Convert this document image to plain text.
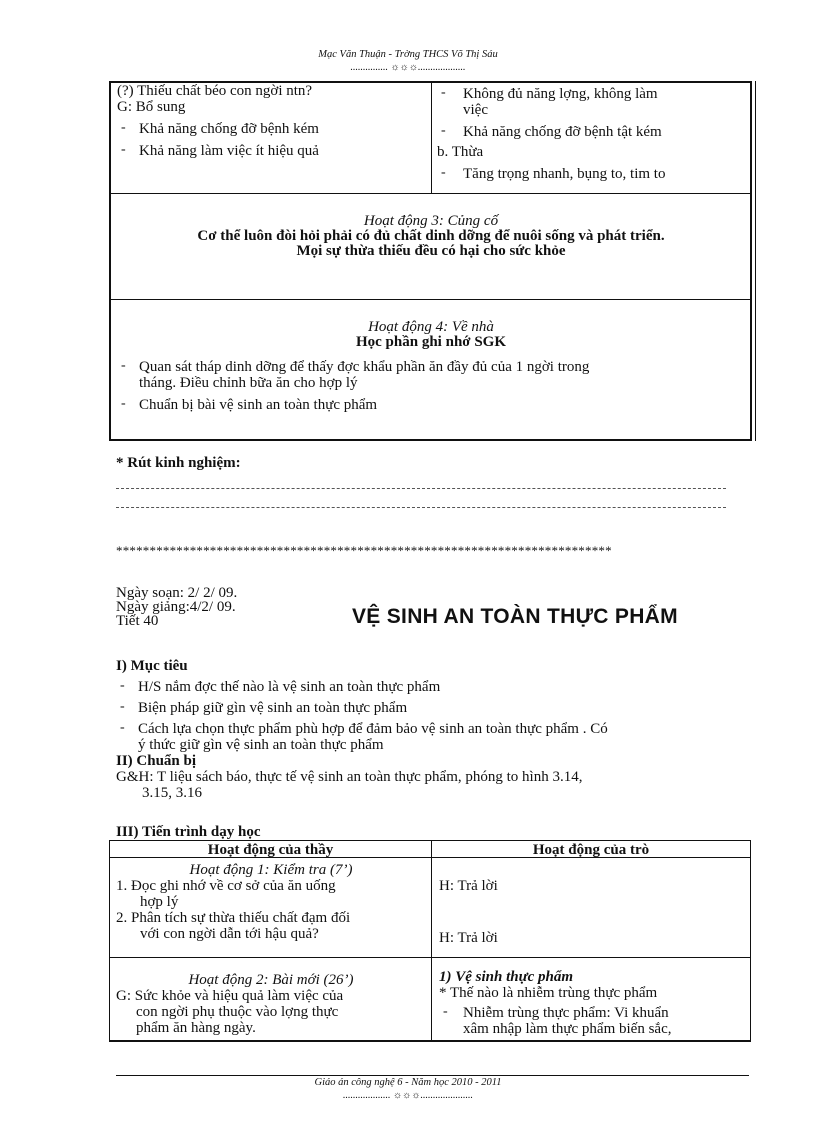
Mạc Văn Thuận - Trờng THCS Võ Thị Sáu
............... ☼☼☼...................
(?) Thiếu chất béo con ngời ntn?
G: Bổ sung
- Khả năng chống đỡ bệnh kém
- Khả năng làm việc ít hiệu quả
- Không đủ năng lợng, không làm
việc
- Khả năng chống đỡ bệnh tật kém
b. Thừa
- Tăng trọng nhanh, bụng to, tim to
Hoạt động 3: Củng cố
Cơ thể luôn đòi hỏi phải có đủ chất dinh dỡng để nuôi sống và phát triển.
Mọi sự thừa thiếu đều có hại cho sức khỏe
Hoạt động 4: Về nhà
Học phần ghi nhớ SGK
- Quan sát tháp dinh dỡng để thấy đợc khẩu phần ăn đầy đủ của 1 ngời trong
tháng. Điều chỉnh bữa ăn cho hợp lý
- Chuẩn bị bài vệ sinh an toàn thực phẩm
* Rút kinh nghiệm:
**************************************************************************
Ngày soạn: 2/ 2/ 09.
Ngày giảng:4/2/ 09.
Tiết 40	VỆ SINH AN TOÀN THỰC PHẨM
I) Mục tiêu
- H/S nắm đợc thế nào là vệ sinh an toàn thực phẩm
- Biện pháp giữ gìn vệ sinh an toàn thực phẩm
- Cách lựa chọn thực phẩm phù hợp để đảm bảo vệ sinh an toàn thực phẩm . Có
ý thức giữ gìn vệ sinh an toàn thực phẩm
II) Chuẩn bị
G&H: T liệu sách báo, thực tế vệ sinh an toàn thực phẩm, phóng to hình 3.14,
3.15, 3.16
III) Tiến trình dạy học
Hoạt động của thầy	Hoạt động của trò
Hoạt động 1: Kiểm tra (7’)
1. Đọc ghi nhớ về cơ sở của ăn uống
hợp lý
2. Phân tích sự thừa thiếu chất đạm đối
với con ngời dẫn tới hậu quả?
H: Trả lời
H: Trả lời
Hoạt động 2: Bài mới (26’)
G: Sức khỏe và hiệu quả làm việc của
con ngời phụ thuộc vào lợng thực
phẩm ăn hàng ngày.
1) Vệ sinh thực phẩm
* Thế nào là nhiễm trùng thực phẩm
- Nhiễm trùng thực phẩm: Vi khuẩn
xâm nhập làm thực phẩm biến sắc,
Giáo án công nghệ 6 - Năm học 2010 - 2011
................... ☼☼☼.....................
